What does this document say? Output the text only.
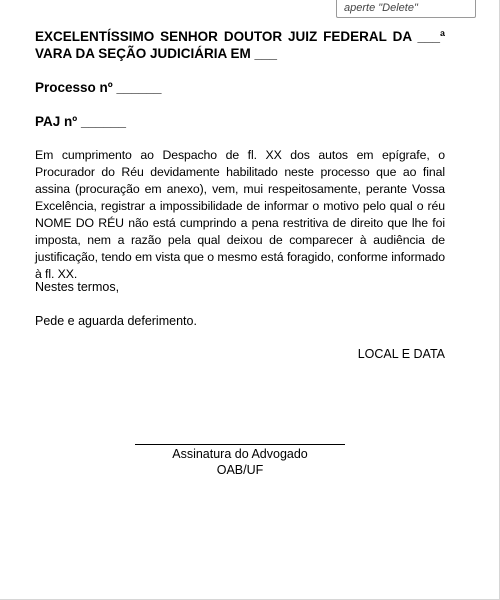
aperte "Delete"

EXCELENTÍSSIMO SENHOR DOUTOR JUIZ FEDERAL DA ___ª VARA DA SEÇÃO JUDICIÁRIA EM ___

Processo nº ______

PAJ nº ______

Em cumprimento ao Despacho de fl. XX dos autos em epígrafe, o Procurador do Réu devidamente habilitado neste processo que ao final assina (procuração em anexo), vem, mui respeitosamente, perante Vossa Excelência, registrar a impossibilidade de informar o motivo pelo qual o réu NOME DO RÉU não está cumprindo a pena restritiva de direito que lhe foi imposta, nem a razão pela qual deixou de comparecer à audiência de justificação, tendo em vista que o mesmo está foragido, conforme informado à fl. XX.

Nestes termos,

Pede e aguarda deferimento.

LOCAL E DATA

Assinatura do Advogado

OAB/UF
